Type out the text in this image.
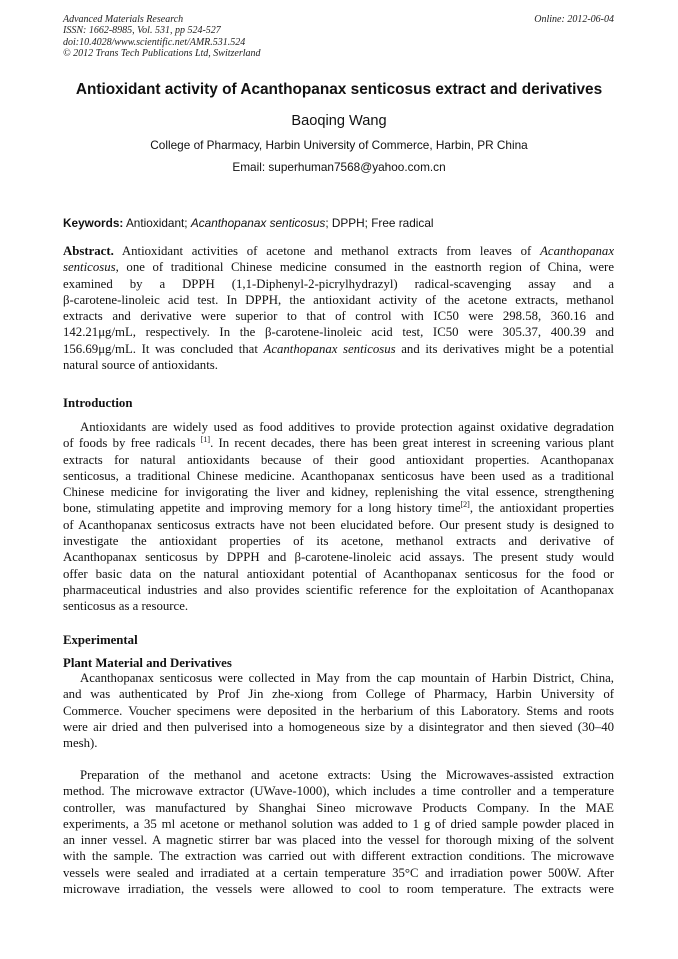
Advanced Materials Research
ISSN: 1662-8985, Vol. 531, pp 524-527
doi:10.4028/www.scientific.net/AMR.531.524
© 2012 Trans Tech Publications Ltd, Switzerland
Online: 2012-06-04
Antioxidant activity of Acanthopanax senticosus extract and derivatives
Baoqing Wang
College of Pharmacy, Harbin University of Commerce, Harbin, PR China
Email: superhuman7568@yahoo.com.cn
Keywords: Antioxidant; Acanthopanax senticosus; DPPH; Free radical
Abstract. Antioxidant activities of acetone and methanol extracts from leaves of Acanthopanax
senticosus, one of traditional Chinese medicine consumed in the eastnorth region of China, were
examined by a DPPH (1,1-Diphenyl-2-picrylhydrazyl) radical-scavenging assay and a
β-carotene-linoleic acid test. In DPPH, the antioxidant activity of the acetone extracts, methanol
extracts and derivative were superior to that of control with IC50 were 298.58, 360.16 and
142.21μg/mL, respectively. In the β-carotene-linoleic acid test, IC50 were 305.37, 400.39 and
156.69μg/mL. It was concluded that Acanthopanax senticosus and its derivatives might be a potential
natural source of antioxidants.
Introduction
Antioxidants are widely used as food additives to provide protection against oxidative degradation
of foods by free radicals [1]. In recent decades, there has been great interest in screening various plant
extracts for natural antioxidants because of their good antioxidant properties. Acanthopanax
senticosus, a traditional Chinese medicine. Acanthopanax senticosus have been used as a traditional
Chinese medicine for invigorating the liver and kidney, replenishing the vital essence, strengthening
bone, stimulating appetite and improving memory for a long history time[2], the antioxidant properties
of Acanthopanax senticosus extracts have not been elucidated before. Our present study is designed to
investigate the antioxidant properties of its acetone, methanol extracts and derivative of
Acanthopanax senticosus by DPPH and β-carotene-linoleic acid assays. The present study would
offer basic data on the natural antioxidant potential of Acanthopanax senticosus for the food or
pharmaceutical industries and also provides scientific reference for the exploitation of Acanthopanax
senticosus as a resource.
Experimental
Plant Material and Derivatives
Acanthopanax senticosus were collected in May from the cap mountain of Harbin District, China,
and was authenticated by Prof Jin zhe-xiong from College of Pharmacy, Harbin University of
Commerce. Voucher specimens were deposited in the herbarium of this Laboratory. Stems and roots
were air dried and then pulverised into a homogeneous size by a disintegrator and then sieved (30–40
mesh).
Preparation of the methanol and acetone extracts: Using the Microwaves-assisted extraction
method. The microwave extractor (UWave-1000), which includes a time controller and a temperature
controller, was manufactured by Shanghai Sineo microwave Products Company. In the MAE
experiments, a 35 ml acetone or methanol solution was added to 1 g of dried sample powder placed in
an inner vessel. A magnetic stirrer bar was placed into the vessel for thorough mixing of the solvent
with the sample. The extraction was carried out with different extraction conditions. The microwave
vessels were sealed and irradiated at a certain temperature 35°C and irradiation power 500W. After
microwave irradiation, the vessels were allowed to cool to room temperature. The extracts were
